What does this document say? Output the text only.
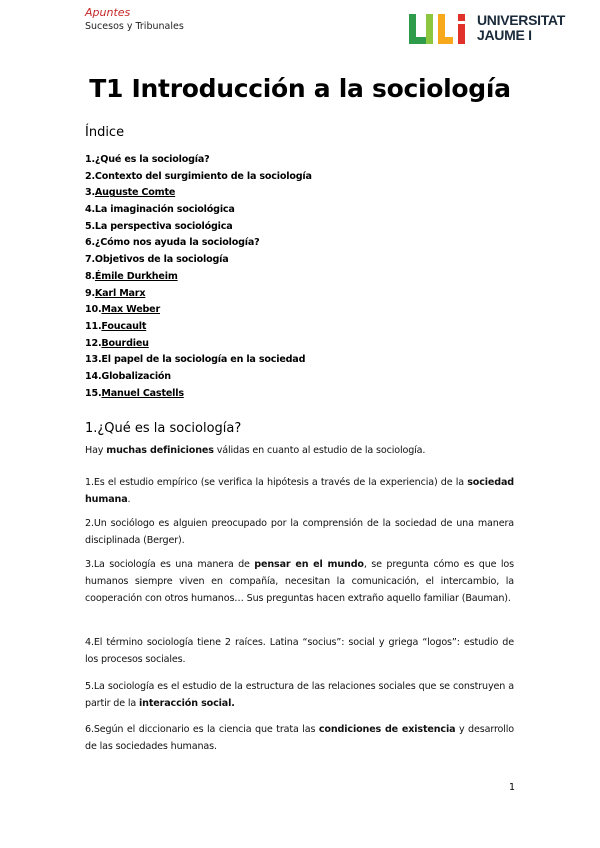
Apuntes
Sucesos y Tribunales	UNIVERSITAT
JAUME I
T1 Introducción a la sociología
Índice
1.¿Qué es la sociología?
2.Contexto del surgimiento de la sociología
3.Auguste Comte
4.La imaginación sociológica
5.La perspectiva sociológica
6.¿Cómo nos ayuda la sociología?
7.Objetivos de la sociología
8.Émile Durkheim
9.Karl Marx
10.Max Weber
11.Foucault
12.Bourdieu
13.El papel de la sociología en la sociedad
14.Globalización
15.Manuel Castells
1.¿Qué es la sociología?

Hay muchas definiciones válidas en cuanto al estudio de la sociología.

1.Es el estudio empírico (se verifica la hipótesis a través de la experiencia) de la sociedad humana.

2.Un sociólogo es alguien preocupado por la comprensión de la sociedad de una manera disciplinada (Berger).

3.La sociología es una manera de pensar en el mundo, se pregunta cómo es que los humanos siempre viven en compañía, necesitan la comunicación, el intercambio, la cooperación con otros humanos… Sus preguntas hacen extraño aquello familiar (Bauman).

4.El término sociología tiene 2 raíces. Latina “socius”: social y griega “logos”: estudio de los procesos sociales.

5.La sociología es el estudio de la estructura de las relaciones sociales que se construyen a partir de la interacción social.

6.Según el diccionario es la ciencia que trata las condiciones de existencia y desarrollo de las sociedades humanas.

1
